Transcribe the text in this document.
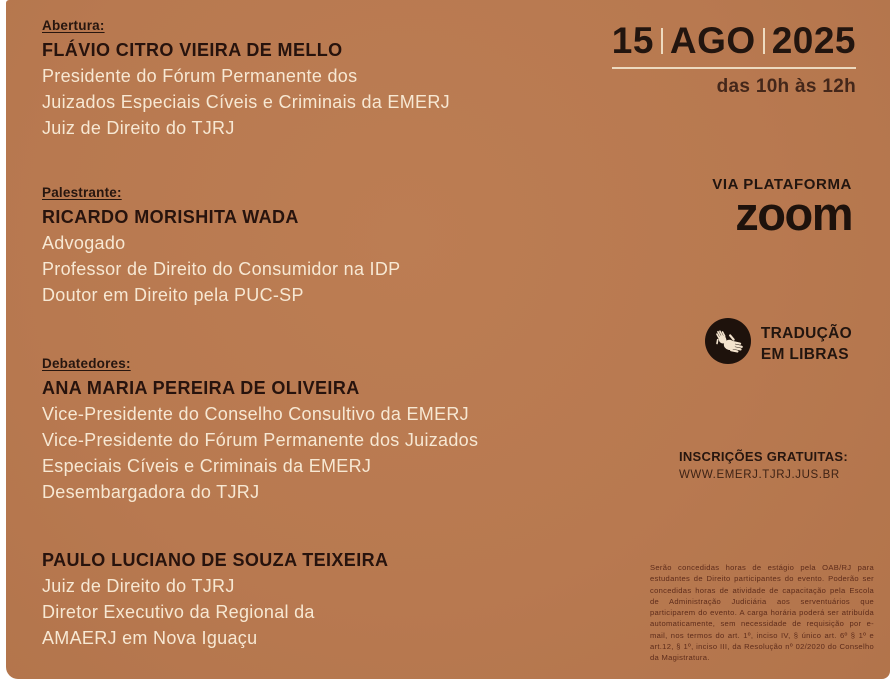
Abertura:
FLÁVIO CITRO VIEIRA DE MELLO
Presidente do Fórum Permanente dos
Juizados Especiais Cíveis e Criminais da EMERJ
Juiz de Direito do TJRJ
Palestrante:
RICARDO MORISHITA WADA
Advogado
Professor de Direito do Consumidor na IDP
Doutor em Direito pela PUC-SP
Debatedores:
ANA MARIA PEREIRA DE OLIVEIRA
Vice-Presidente do Conselho Consultivo da EMERJ
Vice-Presidente do Fórum Permanente dos Juizados
Especiais Cíveis e Criminais da EMERJ
Desembargadora do TJRJ
PAULO LUCIANO DE SOUZA TEIXEIRA
Juiz de Direito do TJRJ
Diretor Executivo da Regional da
AMAERJ em Nova Iguaçu
15 AGO 2025
das 10h às 12h
VIA PLATAFORMA
zoom
TRADUÇÃO
EM LIBRAS
INSCRIÇÕES GRATUITAS:
WWW.EMERJ.TJRJ.JUS.BR
Serão concedidas horas de estágio pela OAB/RJ para estudantes de Direito participantes do evento. Poderão ser concedidas horas de atividade de capacitação pela Escola de Administração Judiciária aos serventuários que participarem do evento. A carga horária poderá ser atribuída automaticamente, sem necessidade de requisição por e-mail, nos termos do art. 1º, inciso IV, § único art. 6º § 1º e art.12, § 1º, inciso III, da Resolução nº 02/2020 do Conselho da Magistratura.
